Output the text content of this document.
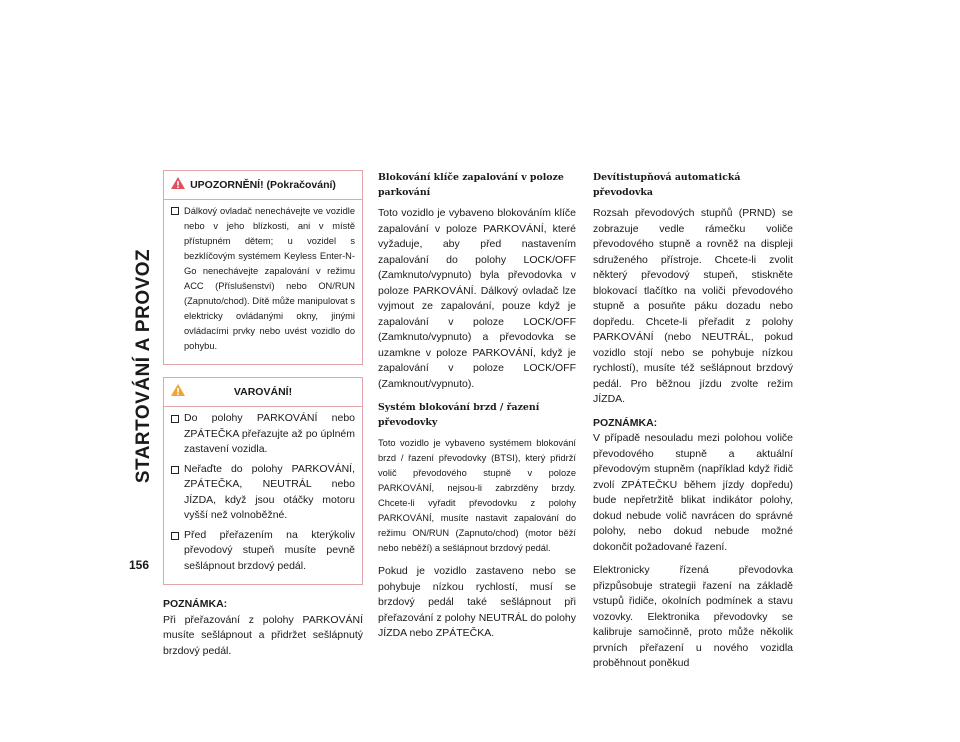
STARTOVÁNÍ A PROVOZ
156
UPOZORNĚNÍ! (Pokračování)
Dálkový ovladač nenechávejte ve vozidle nebo v jeho blízkosti, ani v místě přístupném dětem; u vozidel s bezklíčovým systémem Keyless Enter-N-Go nenechávejte zapalování v režimu ACC (Příslušenství) nebo ON/RUN (Zapnuto/chod). Dítě může manipulovat s elektricky ovládanými okny, jinými ovládacími prvky nebo uvést vozidlo do pohybu.
VAROVÁNÍ!
Do polohy PARKOVÁNÍ nebo ZPÁTEČKA přeřazujte až po úplném zastavení vozidla.
Neřaďte do polohy PARKOVÁNÍ, ZPÁTEČKA, NEUTRÁL nebo JÍZDA, když jsou otáčky motoru vyšší než volnoběžné.
Před přeřazením na kterýkoliv převodový stupeň musíte pevně sešlápnout brzdový pedál.
POZNÁMKA:

Při přeřazování z polohy PARKOVÁNÍ musíte sešlápnout a přidržet sešlápnutý brzdový pedál.

Blokování klíče zapalování v poloze parkování

Toto vozidlo je vybaveno blokováním klíče zapalování v poloze PARKOVÁNÍ, které vyžaduje, aby před nastavením zapalování do polohy LOCK/OFF (Zamknuto/vypnuto) byla převodovka v poloze PARKOVÁNÍ. Dálkový ovladač lze vyjmout ze zapalování, pouze když je zapalování v poloze LOCK/OFF (Zamknuto/vypnuto) a převodovka se uzamkne v poloze PARKOVÁNÍ, když je zapalování v poloze LOCK/OFF (Zamknout/vypnuto).

Systém blokování brzd / řazení převodovky

Toto vozidlo je vybaveno systémem blokování brzd / řazení převodovky (BTSI), který přidrží volič převodového stupně v poloze PARKOVÁNÍ, nejsou-li zabrzděny brzdy. Chcete-li vyřadit převodovku z polohy PARKOVÁNÍ, musíte nastavit zapalování do režimu ON/RUN (Zapnuto/chod) (motor běží nebo neběží) a sešlápnout brzdový pedál.

Pokud je vozidlo zastaveno nebo se pohybuje nízkou rychlostí, musí se brzdový pedál také sešlápnout při přeřazování z polohy NEUTRÁL do polohy JÍZDA nebo ZPÁTEČKA.

Devítistupňová automatická převodovka

Rozsah převodových stupňů (PRND) se zobrazuje vedle rámečku voliče převodového stupně a rovněž na displeji sdruženého přístroje. Chcete-li zvolit některý převodový stupeň, stiskněte blokovací tlačítko na voliči převodového stupně a posuňte páku dozadu nebo dopředu. Chcete-li přeřadit z polohy PARKOVÁNÍ (nebo NEUTRÁL, pokud vozidlo stojí nebo se pohybuje nízkou rychlostí), musíte též sešlápnout brzdový pedál. Pro běžnou jízdu zvolte režim JÍZDA.

POZNÁMKA:

V případě nesouladu mezi polohou voliče převodového stupně a aktuální převodovým stupněm (například když řidič zvolí ZPÁTEČKU během jízdy dopředu) bude nepřetržitě blikat indikátor polohy, dokud nebude volič navrácen do správné polohy, nebo dokud nebude možné dokončit požadované řazení.

Elektronicky řízená převodovka přizpůsobuje strategii řazení na základě vstupů řidiče, okolních podmínek a stavu vozovky. Elektronika převodovky se kalibruje samočinně, proto může několik prvních přeřazení u nového vozidla proběhnout poněkud
